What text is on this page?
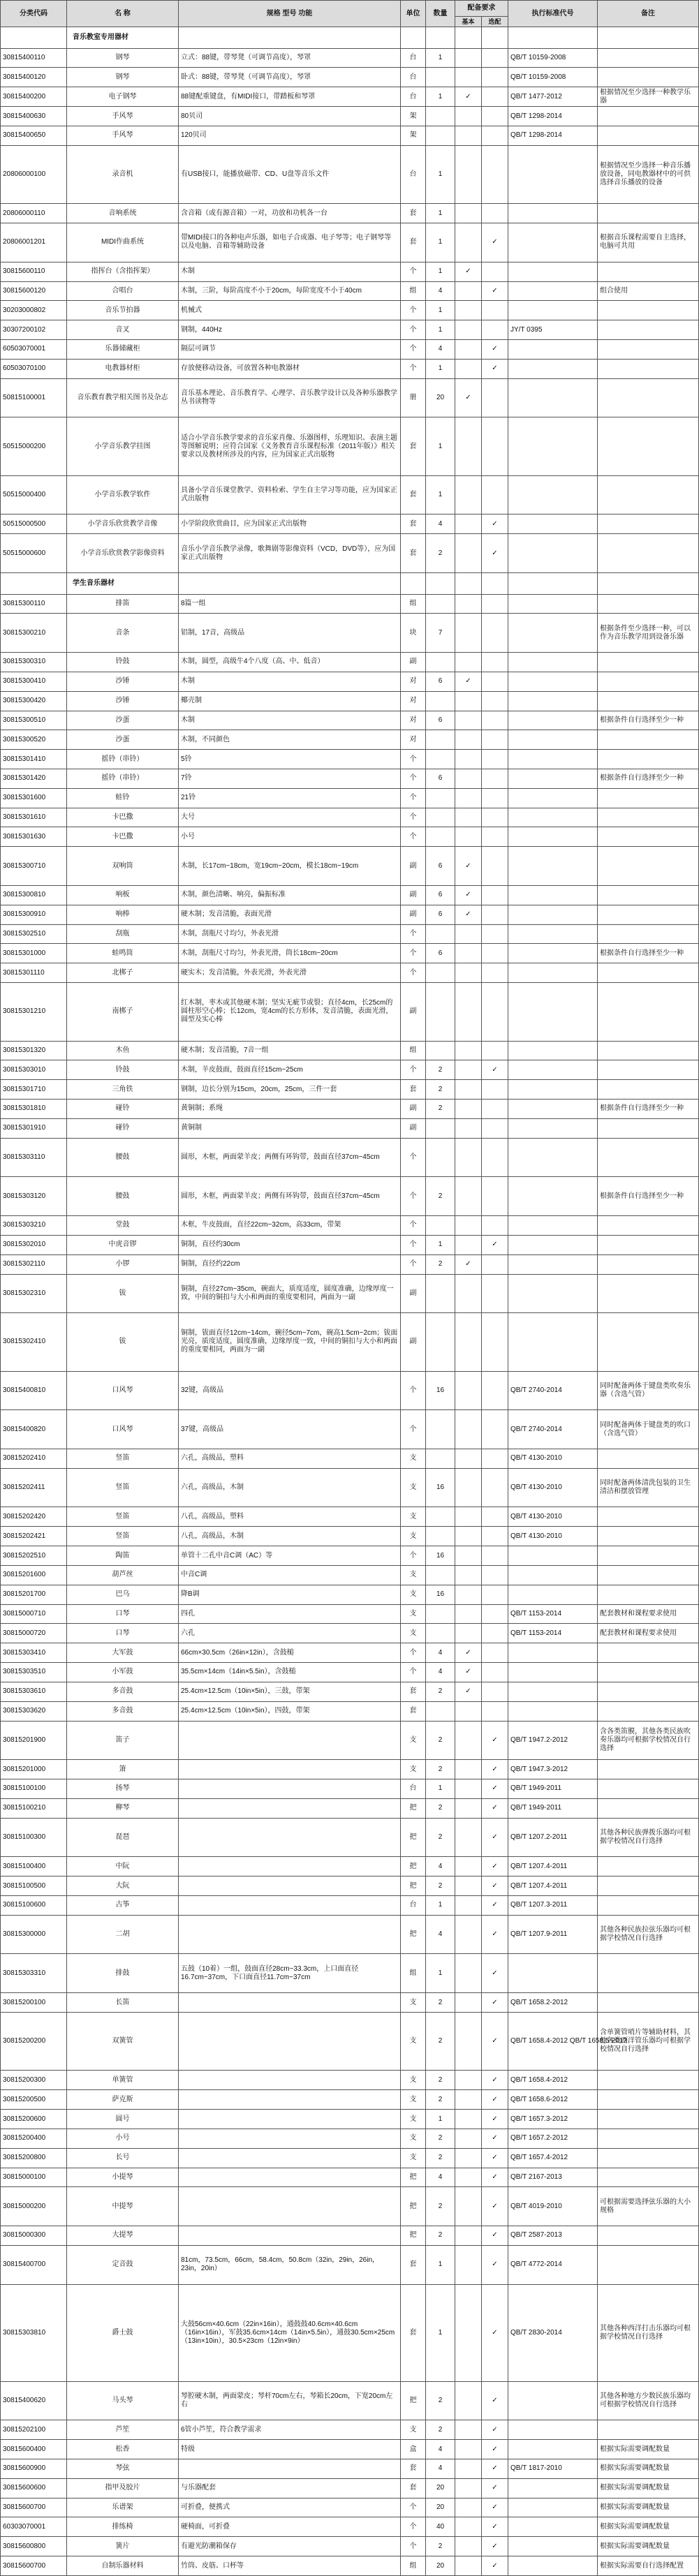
分类代码	名 称	规格 型号 功能	单位	数量	配备要求		执行标准代号	备注
					基本	选配		
	音乐教室专用器材							
30815400110	钢琴	立式：88键，带琴凳（可调节高度），琴罩	台	1			QB/T 10159-2008	
30815400120	钢琴	卧式：88键，带琴凳（可调节高度），琴罩	台				QB/T 10159-2008	
30815400200	电子钢琴	88键配重键盘，有MIDI接口，带踏板和琴罩	台	1	✓		QB/T 1477-2012	根据情况至少选择一种教学乐器
30815400630	手风琴	80贝司	架				QB/T 1298-2014	
30815400650	手风琴	120贝司	架				QB/T 1298-2014	
20806000100	录音机	有USB接口，能播放磁带、CD、U盘等音乐文件	台	1				根据情况至少选择一种音乐播放设备，同电教器材中的可供选择音乐播放的设备
20806000110	音响系统	含音箱（或有源音箱）一对，功放和功机各一台	套	1				
20806001201	MIDI作曲系统	带MIDI接口的各种电声乐器，如电子合成器、电子琴等；电子钢琴等以及电脑、音箱等辅助设备	套	1		✓		根据音乐课程需要自主选择，电脑可共用
30815600110	指挥台（含指挥架）	木制	个	1	✓			
30815600120	合唱台	木制，三阶，每阶高度不小于20cm，每阶宽度不小于40cm	组	4		✓		组合使用
30203000802	音乐节拍器	机械式	个	1				
30307200102	音叉	钢制，440Hz	个	1			JY/T 0395	
60503070001	乐器储藏柜	隔层可调节	个	4		✓		
60503070100	电教器材柜	存放便移动设备，可放置各种电教器材	个	1		✓		
50815100001	音乐教育教学相关图书及杂志	音乐基本理论、音乐教育学、心理学、音乐教学设计以及各种乐器教学丛书读物等	册	20	✓			
50515000200	小学音乐教学挂图	适合小学音乐教学要求的音乐家肖像、乐器图样，乐理知识、表演主题等图解说明；应符合国家《义务教育音乐课程标准（2011年版）》相关要求以及教材所涉及的内容，应为国家正式出版物	套	1				
50515000400	小学音乐教学软件	具备小学音乐课堂教学、资料检索、学生自主学习等功能，应为国家正式出版物	套	1				
50515000500	小学音乐欣赏教学音像	小学阶段欣赏曲目，应为国家正式出版物	套	4		✓		
50515000600	小学音乐欣赏教学影像资料	音乐小学音乐教学录像，歌舞剧等影像资料（VCD，DVD等），应为国家正式出版物	套	2		✓		
	学生音乐器材							
30815300110	排笛	8篇一组	组					
30815300210	音条	铝制，17音，高级品	块	7				根据条件至少选择一种，可以作为音乐教学用到设备乐器
30815300310	铃鼓	木制，圆型，高级牛4个八度（高、中、低音）	副					
30815300410	沙锤	木制	对	6	✓			
30815300420	沙锤	椰壳制	对					
30815300510	沙蛋	木制	对	6				根据条件自行选择至少一种
30815300520	沙蛋	木制，不同颜色	对					
30815301410	摇铃（串铃）	5铃	个					
30815301420	摇铃（串铃）	7铃	个	6				根据条件自行选择至少一种
30815301600	蛙铃	21铃	个					
30815301610	卡巴撒	大号	个					
30815301630	卡巴撒	小号	个					
30815300710	双响筒	木制，长17cm~18cm，宽19cm~20cm，模长18cm~19cm	副	6	✓			
30815300810	响板	木制，颜色清晰、响亮，偏振标准	副	6	✓			
30815300910	响棒	硬木制；发音清脆，表面光滑	副	6	✓			
30815302510	刮瓶	木制，刮瓶尺寸均匀，外表光滑	个					
30815301000	蛙鸣筒	木制，刮瓶尺寸均匀，外表光滑，筒长18cm~20cm	个	6				根据条件自行选择至少一种
30815301110	北梆子	硬实木；发音清脆，外表光滑，外表光滑	个					
30815301210	南梆子	红木制，枣木或其他硬木制；坚实无疵节或裂；直径4cm，长25cm的圆柱形空心棒；长12cm，宽4cm的长方形体，发音清脆，表面光滑，圆型及实心棒	副					
30815301320	木鱼	硬木制；发音清脆，7音一组	组					
30815303010	铃鼓	木制，羊皮鼓面，鼓面直径15cm~25cm	个	2		✓		
30815301710	三角铁	钢制，边长分别为15cm，20cm，25cm，三件一套	套	2				
30815301810	碰铃	黄铜制；系绳	副	2				根据条件自行选择至少一种
30815301910	碰铃	黄铜制	副					
30815303110	腰鼓	圆形，木框，两面蒙羊皮；两侧有环钩带，鼓面直径37cm~45cm	个					
30815303120	腰鼓	圆形，木框，两面蒙羊皮；两侧有环钩带，鼓面直径37cm~45cm	个	2				根据条件自行选择至少一种
30815303210	堂鼓	木框，牛皮鼓面，直径22cm~32cm，高33cm，带架	个					
30815302010	中虎音锣	铜制，直径约30cm	个	1		✓		
30815302110	小锣	铜制，直径约22cm	个	2	✓			
30815302310	钹	铜制，直径27cm~35cm，碗面大，质度适度，圆度准确，边缘厚度一致，中间的铜扣与大小和两面的重度要相同，两面为一副	副					
30815302410	钹	铜制，钹面直径12cm~14cm，碗径5cm~7cm，碗高1.5cm~2cm；钹面光亮，质度适度，圆度准确，边缘厚度一致，中间的铜扣与大小和两面的重度要相同，两面为一副	副					
30815400810	口风琴	32键，高级品	个	16			QB/T 2740-2014	同时配备两体于键盘类吹奏乐器（含选气管）
30815400820	口风琴	37键，高级品	个				QB/T 2740-2014	同时配备两体于键盘类的吹口（含选气管）
30815202410	竖笛	六孔，高级品，塑料	支				QB/T 4130-2010	
30815202411	竖笛	六孔，高级品，木制	支	16			QB/T 4130-2010	同时配备两体清洗包装的卫生清洁和摆放管理
30815202420	竖笛	八孔，高级品，塑料	支				QB/T 4130-2010	
30815202421	竖笛	八孔，高级品，木制	支				QB/T 4130-2010	
30815202510	陶笛	单管十二孔中音C调（AC）等	个	16				
30815201600	葫芦丝	中音C调	支					
30815201700	巴乌	降B调	支	16				
30815000710	口琴	四孔	支				QB/T 1153-2014	配套教材和课程要求使用
30815000720	口琴	六孔	支				QB/T 1153-2014	配套教材和课程要求使用
30815303410	大军鼓	66cm×30.5cm（26in×12in），含鼓槌	个	4	✓			
30815303510	小军鼓	35.5cm×14cm（14in×5.5in），含鼓槌	个	4	✓			
30815303610	多音鼓	25.4cm×12.5cm（10in×5in），三鼓，带架	套	2	✓			
30815303620	多音鼓	25.4cm×12.5cm（10in×5in），四鼓，带架	套					
30815201900	笛子		支	2		✓	QB/T 1947.2-2012	含各类笛膜，其他各类民族吹奏乐器均可根据学校情况自行选择
30815201000	箫		支	2		✓	QB/T 1947.3-2012	
30815100100	扬琴		台	1		✓	QB/T 1949-2011	
30815100210	柳琴		把	2		✓	QB/T 1949-2011	
30815100300	琵琶		把	2		✓	QB/T 1207.2-2011	其他各种民族弹拨乐器均可根据学校情况自行选择
30815100400	中阮		把	4		✓	QB/T 1207.4-2011	
30815100500	大阮		把	2		✓	QB/T 1207.4-2011	
30815100600	古筝		台	1		✓	QB/T 1207.3-2011	
30815300000	二胡		把	4		✓	QB/T 1207.9-2011	其他各种民族拉弦乐器均可根据学校情况自行选择
30815303310	排鼓	五鼓（10着）一组，鼓面直径28cm~33.3cm，上口面直径16.7cm~37cm，下口面直径11.7cm~37cm	组	1		✓		
30815200100	长笛		支	2		✓	QB/T 1658.2-2012	
30815200200	双簧管		支	2		✓	QB/T 1658.4-2012 QB/T 1658.5-2012	含单簧管哨片等辅助材料，其他各类西洋管乐器均可根据学校情况自行选择
30815200300	单簧管		支	2		✓	QB/T 1658.4-2012	
30815200500	萨克斯		支	2		✓	QB/T 1658.6-2012	
30815200600	圆号		支	1		✓	QB/T 1657.3-2012	
30815200400	小号		支	2		✓	QB/T 1657.2-2012	
30815200800	长号		支	2		✓	QB/T 1657.4-2012	
30815000100	小提琴		把	4		✓	QB/T 2167-2013	
30815000200	中提琴		把	2		✓	QB/T 4019-2010	可根据需要选择弦乐器的大小规格
30815000300	大提琴		把	2		✓	QB/T 2587-2013	
30815400700	定音鼓	81cm，73.5cm，66cm，58.4cm，50.8cm（32in，29in，26in，23in，20in）	套	1		✓	QB/T 4772-2014	
30815303810	爵士鼓	大鼓56cm×40.6cm（22in×16in），通鼓鼓40.6cm×40.6cm（16in×16in），军鼓35.6cm×14cm（14in×5.5in），通鼓30.5cm×25cm（13in×10in），30.5×23cm（12in×9in）	套	1		✓	QB/T 2830-2014	其他各种西洋打击乐器均可根据学校情况自行选择
30815400620	马头琴	琴腔硬木制，两面蒙皮；琴杆70cm左右，琴箱长20cm，下宽20cm左右	把	2		✓		其他各种地方少数民族乐器均可根据学校情况自行选择
30815202100	芦笙	6管小芦笙，符合教学需求	支	2		✓		
30815600400	松香	特级	盒	4		✓		根据实际需要调配数量
30815600900	琴弦		套	4		✓	QB/T 1817-2010	根据实际需要调配数量
30815600600	指甲及胶片	与乐器配套	套	20		✓		根据实际需要调配数量
30815600700	乐谱架	可折叠，便携式	个	20		✓		根据实际需要调配数量
60303070001	排练椅	硬椅面，可折叠	个	40		✓		根据实际需要调配数量
30815600800	簧片	有避光防潮箱保存	个	2		✓		根据实际需要调配数量
30815600700	自制乐器材料	竹筒、皮筋、口杯等	组	20		✓		根据实际需要自行选择配置
